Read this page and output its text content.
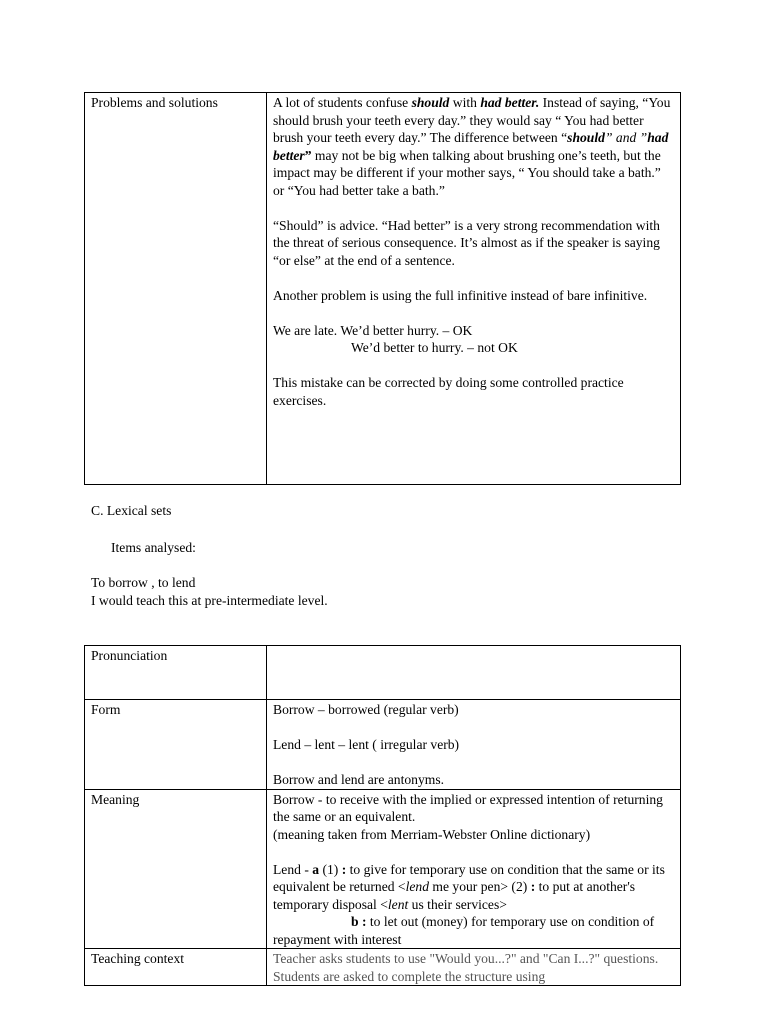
Problems and solutions	A lot of students confuse should with had better. Instead of saying, “You should brush your teeth every day.” they would say “ You had better brush your teeth every day.” The difference between “should” and ”had better” may not be big when talking about brushing one’s teeth, but the impact may be different if your mother says, “ You should take a bath.” or “You had better take a bath.”

“Should” is advice. “Had better” is a very strong recommendation with the threat of serious consequence. It’s almost as if the speaker is saying “or else” at the end of a sentence.

Another problem is using the full infinitive instead of bare infinitive.

We are late. We’d better hurry. – OK

We’d better to hurry. – not OK

This mistake can be corrected by doing some controlled practice exercises.

C. Lexical sets
Items analysed:
To borrow , to lend
I would teach this at pre-intermediate level.
Pronunciation	
Form	Borrow – borrowed (regular verb)

Lend – lent – lent ( irregular verb)

Borrow and lend are antonyms.

Meaning	Borrow - to receive with the implied or expressed intention of returning the same or an equivalent.

(meaning taken from Merriam-Webster Online dictionary)

Lend - a (1) : to give for temporary use on condition that the same or its equivalent be returned <lend me your pen> (2) : to put at another's temporary disposal <lent us their services>

b : to let out (money) for temporary use on condition of repayment with interest

Teaching context	Teacher asks students to use "Would you...?" and "Can I...?" questions. Students are asked to complete the structure using
